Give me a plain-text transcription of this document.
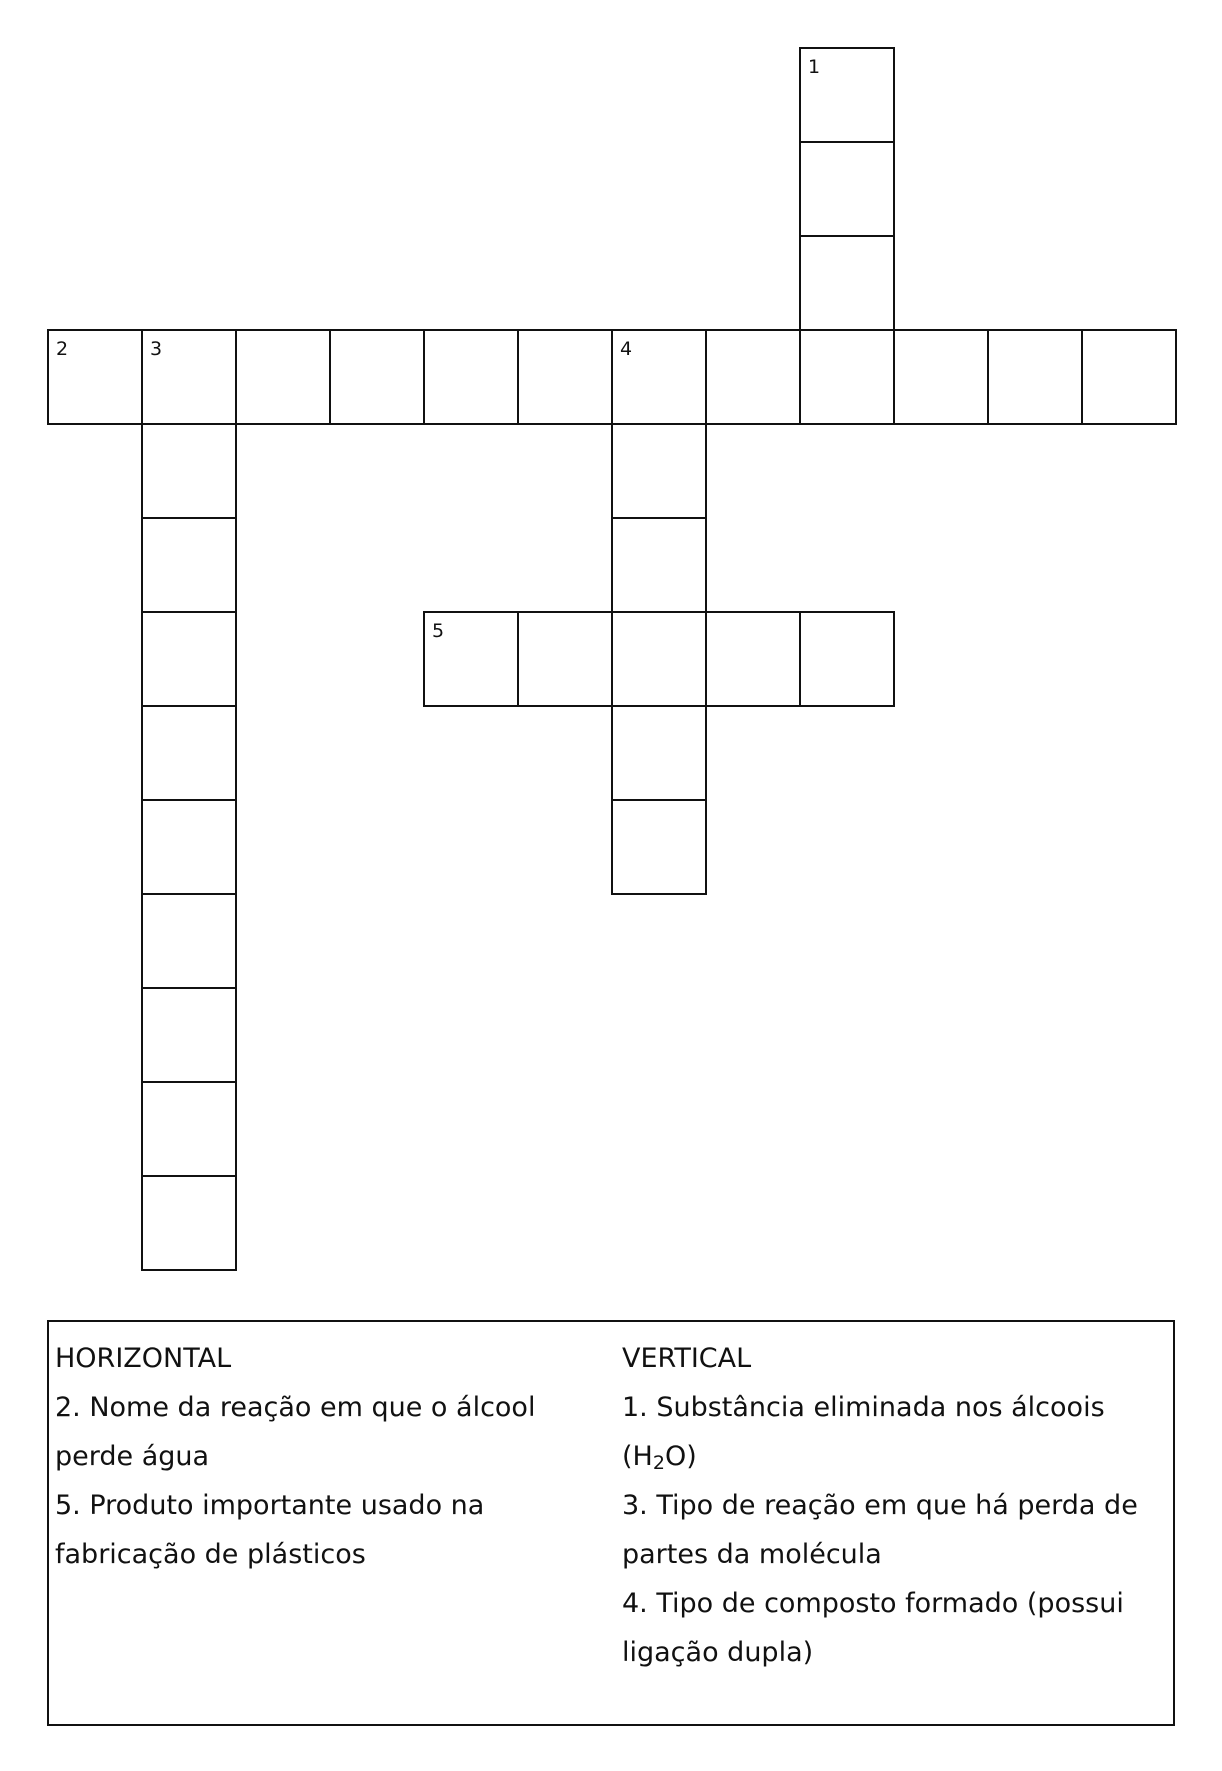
1
2	3	4
5

HORIZONTAL

2. Nome da reação em que o álcool perde água

5. Produto importante usado na fabricação de plásticos

VERTICAL

1. Substância eliminada nos álcoois $(H_2O)$

3. Tipo de reação em que há perda de partes da molécula

4. Tipo de composto formado (possui ligação dupla)
